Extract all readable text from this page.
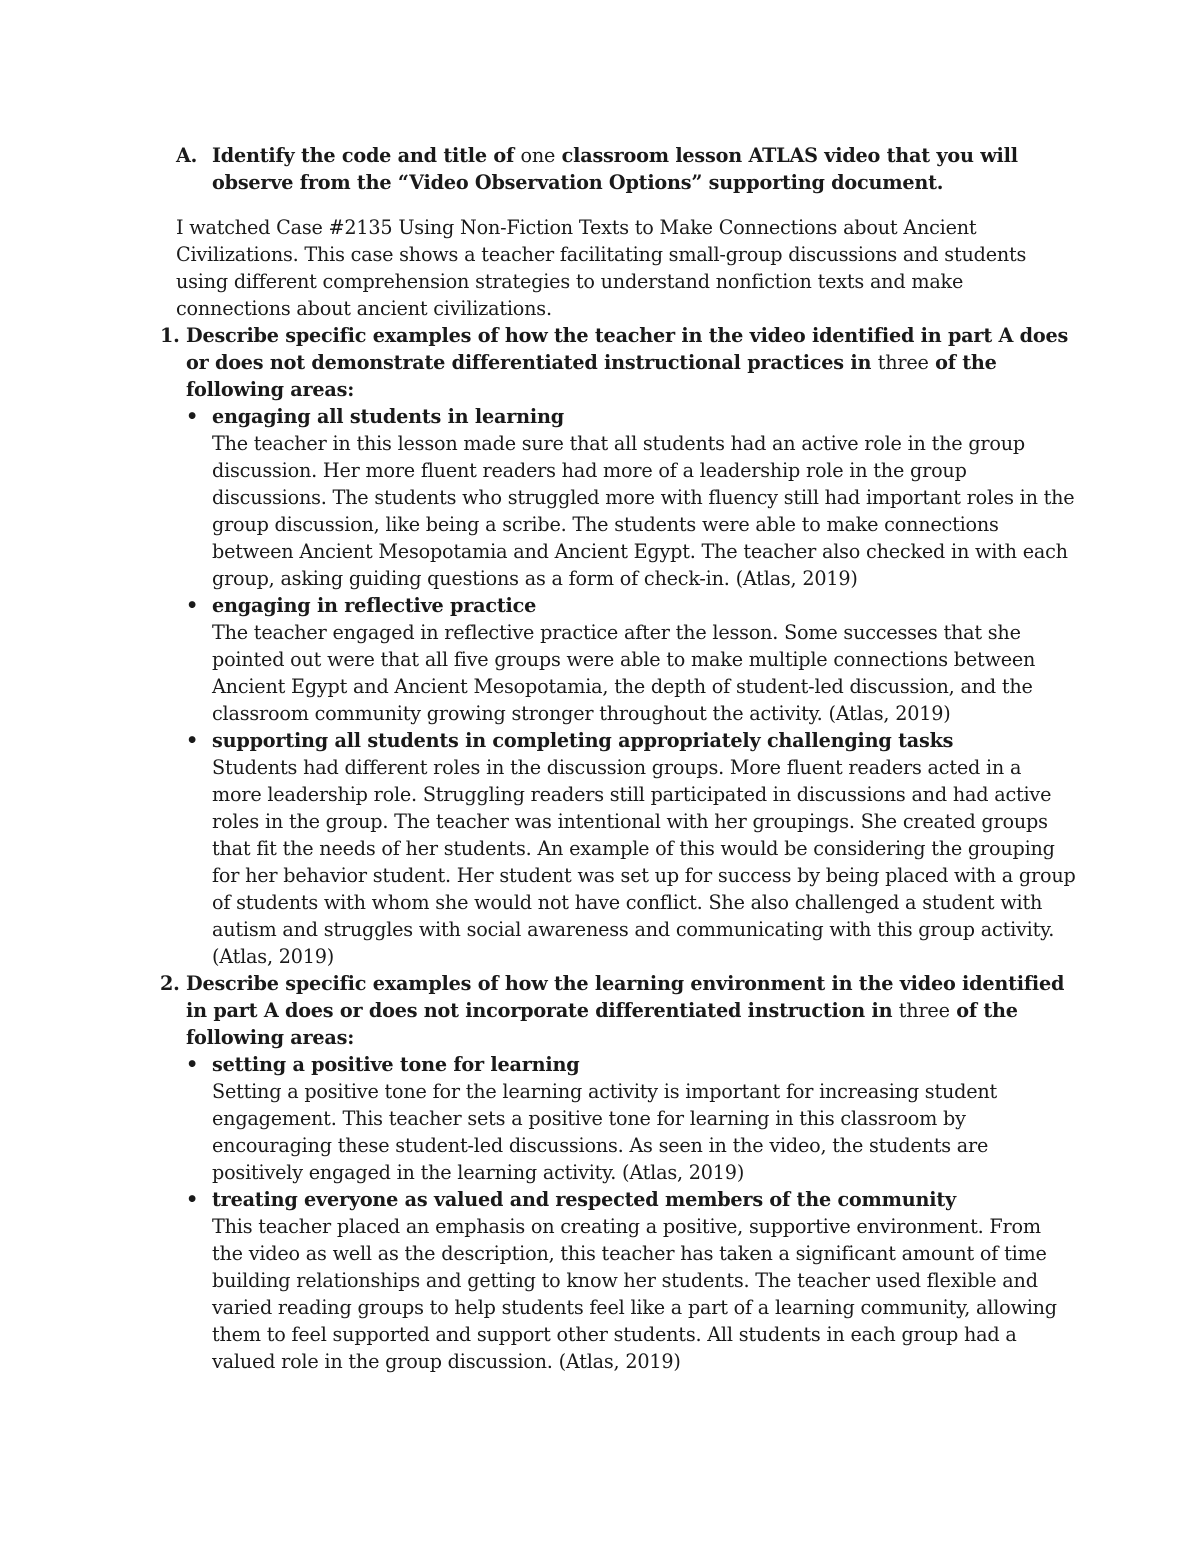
A. Identify the code and title of one classroom lesson ATLAS video that you will observe from the “Video Observation Options” supporting document.

I watched Case #2135 Using Non-Fiction Texts to Make Connections about Ancient Civilizations. This case shows a teacher facilitating small-group discussions and students using different comprehension strategies to understand nonfiction texts and make connections about ancient civilizations.

1. Describe specific examples of how the teacher in the video identified in part A does or does not demonstrate differentiated instructional practices in three of the following areas:

• engaging all students in learning

The teacher in this lesson made sure that all students had an active role in the group discussion. Her more fluent readers had more of a leadership role in the group discussions. The students who struggled more with fluency still had important roles in the group discussion, like being a scribe. The students were able to make connections between Ancient Mesopotamia and Ancient Egypt. The teacher also checked in with each group, asking guiding questions as a form of check-in. (Atlas, 2019)

• engaging in reflective practice

The teacher engaged in reflective practice after the lesson. Some successes that she pointed out were that all five groups were able to make multiple connections between Ancient Egypt and Ancient Mesopotamia, the depth of student-led discussion, and the classroom community growing stronger throughout the activity. (Atlas, 2019)

• supporting all students in completing appropriately challenging tasks

Students had different roles in the discussion groups. More fluent readers acted in a more leadership role. Struggling readers still participated in discussions and had active roles in the group. The teacher was intentional with her groupings. She created groups that fit the needs of her students. An example of this would be considering the grouping for her behavior student. Her student was set up for success by being placed with a group of students with whom she would not have conflict. She also challenged a student with autism and struggles with social awareness and communicating with this group activity. (Atlas, 2019)

2. Describe specific examples of how the learning environment in the video identified in part A does or does not incorporate differentiated instruction in three of the following areas:

• setting a positive tone for learning

Setting a positive tone for the learning activity is important for increasing student engagement. This teacher sets a positive tone for learning in this classroom by encouraging these student-led discussions. As seen in the video, the students are positively engaged in the learning activity. (Atlas, 2019)

• treating everyone as valued and respected members of the community

This teacher placed an emphasis on creating a positive, supportive environment. From the video as well as the description, this teacher has taken a significant amount of time building relationships and getting to know her students. The teacher used flexible and varied reading groups to help students feel like a part of a learning community, allowing them to feel supported and support other students. All students in each group had a valued role in the group discussion. (Atlas, 2019)
